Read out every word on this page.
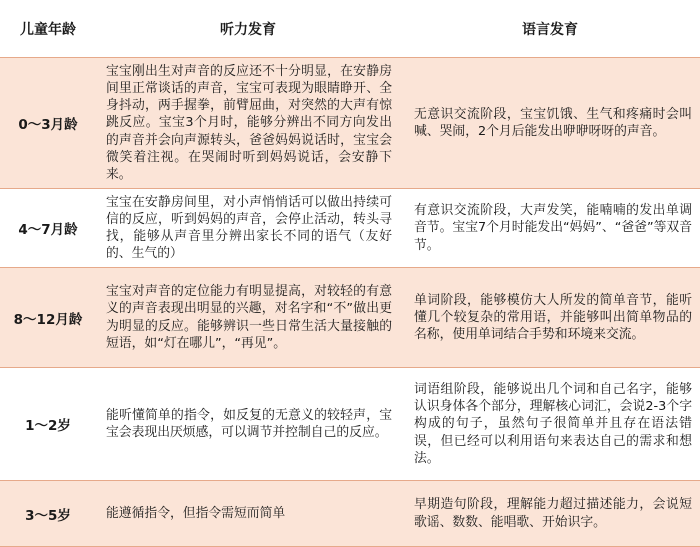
儿童年龄	听力发育	语言发育
0～3月龄	宝宝刚出生对声音的反应还不十分明显，在安静房间里正常谈话的声音，宝宝可表现为眼睛睁开、全身抖动，两手握拳，前臂屈曲，对突然的大声有惊跳反应。宝宝3个月时，能够分辨出不同方向发出的声音并会向声源转头，爸爸妈妈说话时，宝宝会微笑着注视。在哭闹时听到妈妈说话，会安静下来。	无意识交流阶段，宝宝饥饿、生气和疼痛时会叫喊、哭闹，2个月后能发出咿咿呀呀的声音。
4～7月龄	宝宝在安静房间里，对小声悄悄话可以做出持续可信的反应，听到妈妈的声音，会停止活动，转头寻找，能够从声音里分辨出家长不同的语气（友好的、生气的）	有意识交流阶段，大声发笑，能喃喃的发出单调音节。宝宝7个月时能发出“妈妈”、“爸爸”等双音节。
8～12月龄	宝宝对声音的定位能力有明显提高，对较轻的有意义的声音表现出明显的兴趣，对名字和“不”做出更为明显的反应。能够辨识一些日常生活大量接触的短语，如“灯在哪儿”，“再见”。	单词阶段，能够模仿大人所发的简单音节，能听懂几个较复杂的常用语，并能够叫出简单物品的名称，使用单词结合手势和环境来交流。
1～2岁	能听懂简单的指令，如反复的无意义的较轻声，宝宝会表现出厌烦感，可以调节并控制自己的反应。	词语组阶段，能够说出几个词和自己名字，能够认识身体各个部分，理解核心词汇，会说2-3个字构成的句子，虽然句子很简单并且存在语法错误，但已经可以利用语句来表达自己的需求和想法。
3～5岁	能遵循指令，但指令需短而简单	早期造句阶段，理解能力超过描述能力，会说短歌谣、数数、能唱歌、开始识字。
